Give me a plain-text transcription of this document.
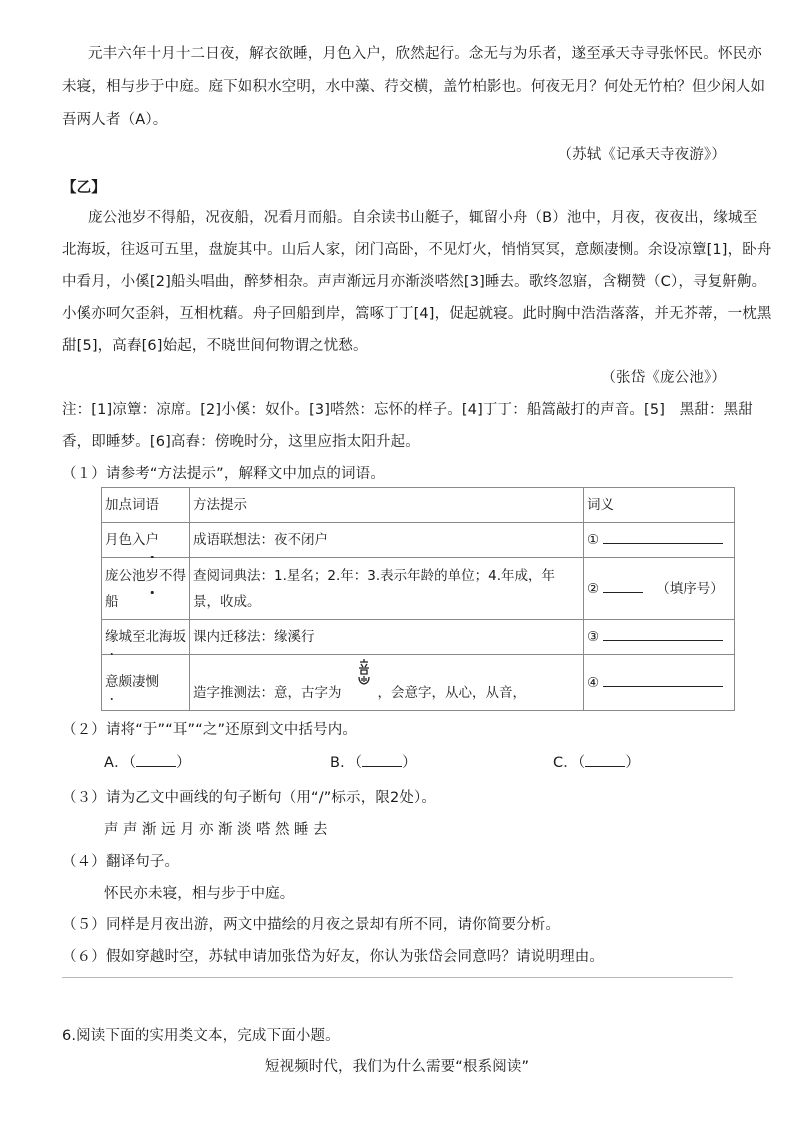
元丰六年十月十二日夜，解衣欲睡，月色入户，欣然起行。念无与为乐者，遂至承天寺寻张怀民。怀民亦
未寝，相与步于中庭。庭下如积水空明，水中藻、荇交横，盖竹柏影也。何夜无月？何处无竹柏？但少闲人如
吾两人者（A）。
（苏轼《记承天寺夜游》）
【乙】
庞公池岁不得船，况夜船，况看月而船。自余读书山艇子，辄留小舟（B）池中，月夜，夜夜出，缘城至
北海坂，往返可五里，盘旋其中。山后人家，闭门高卧，不见灯火，悄悄冥冥，意颇凄恻。余设凉簟[1]，卧舟
中看月，小傒[2]船头唱曲，醉梦相杂。声声渐远月亦渐淡嗒然[3]睡去。歌终忽寤，含糊赞（C），寻复鼾齁。
小傒亦呵欠歪斜，互相枕藉。舟子回船到岸，篙啄丁丁[4]，促起就寝。此时胸中浩浩落落，并无芥蒂，一枕黑
甜[5]，高舂[6]始起，不晓世间何物谓之忧愁。
（张岱《庞公池》）
注：[1]凉簟：凉席。[2]小傒：奴仆。[3]嗒然：忘怀的样子。[4]丁丁：船篙敲打的声音。[5]　黑甜：黑甜
香，即睡梦。[6]高舂：傍晚时分，这里应指太阳升起。
（１）请参考“方法提示”，解释文中加点的词语。
加点词语	方法提示	词义
月色入户	成语联想法：夜不闭户	①
庞公池岁不得船	查阅词典法：1.星名；2.年：3.表示年龄的单位；4.年成，年景，收成。	② （填序号）
缘城至北海坂	课内迁移法：缘溪行	③
意颇凄恻	造字推测法：意，古字为 ，会意字，从心，从音，	④
（２）请将“于”“耳”“之”还原到文中括号内。
A．（	）	B．（	）	C．（	）
（３）请为乙文中画线的句子断句（用“/”标示，限2处）。
声声渐远月亦渐淡嗒然睡去
（４）翻译句子。
怀民亦未寝，相与步于中庭。
（５）同样是月夜出游，两文中描绘的月夜之景却有所不同，请你简要分析。
（６）假如穿越时空，苏轼申请加张岱为好友，你认为张岱会同意吗？请说明理由。
6.阅读下面的实用类文本，完成下面小题。
短视频时代，我们为什么需要“根系阅读”
